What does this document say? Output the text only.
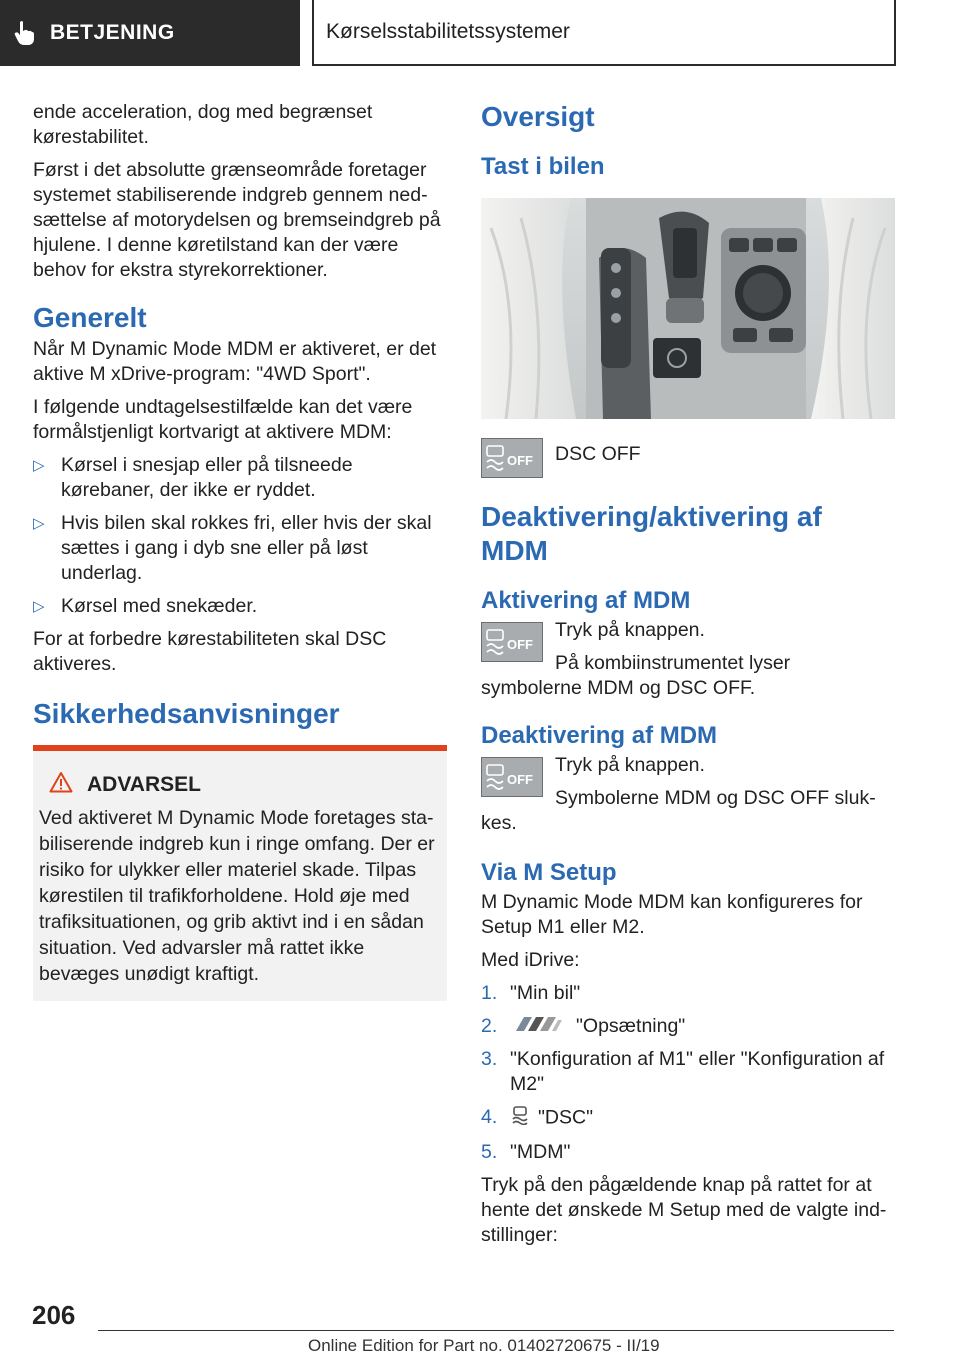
BETJENING	Kørselsstabilitetssystemer

ende acceleration, dog med begrænset kørestabilitet.

Først i det absolutte grænseområde foretager systemet stabiliserende indgreb gennem nedsættelse af motorydelsen og bremseindgreb på hjulene. I denne køretilstand kan der være behov for ekstra styrekorrektioner.

Generelt

Når M Dynamic Mode MDM er aktiveret, er det aktive M xDrive-program: "4WD Sport".

I følgende undtagelsestilfælde kan det være formålstjenligt kortvarigt at aktivere MDM:

▷ Kørsel i snesjap eller på tilsneede kørebaner, der ikke er ryddet.
▷ Hvis bilen skal rokkes fri, eller hvis der skal sættes i gang i dyb sne eller på løst underlag.
▷ Kørsel med snekæder.

For at forbedre kørestabiliteten skal DSC aktiveres.

Sikkerhedsanvisninger
ADVARSEL
Ved aktiveret M Dynamic Mode foretages stabiliserende indgreb kun i ringe omfang. Der er risiko for ulykker eller materiel skade. Tilpas kørestilen til trafikforholdene. Hold øje med trafiksituationen, og grib aktivt ind i en sådan situation. Ved advarsler må rattet ikke bevæges unødigt kraftigt.
Oversigt
Tast i bilen
OFF	DSC OFF

Deaktivering/aktivering af MDM
Aktivering af MDM
OFF

Tryk på knappen.

På kombiinstrumentet lyser symbolerne MDM og DSC OFF.

Deaktivering af MDM
OFF

Tryk på knappen.

Symbolerne MDM og DSC OFF slukkes.

Via M Setup

M Dynamic Mode MDM kan konfigureres for Setup M1 eller M2.

Med iDrive:

1. "Min bil"
2.	"Opsætning"
3. "Konfiguration af M1" eller "Konfiguration af M2"
4. "DSC"
5. "MDM"

Tryk på den pågældende knap på rattet for at hente det ønskede M Setup med de valgte indstillinger:

206
Online Edition for Part no. 01402720675 - II/19
